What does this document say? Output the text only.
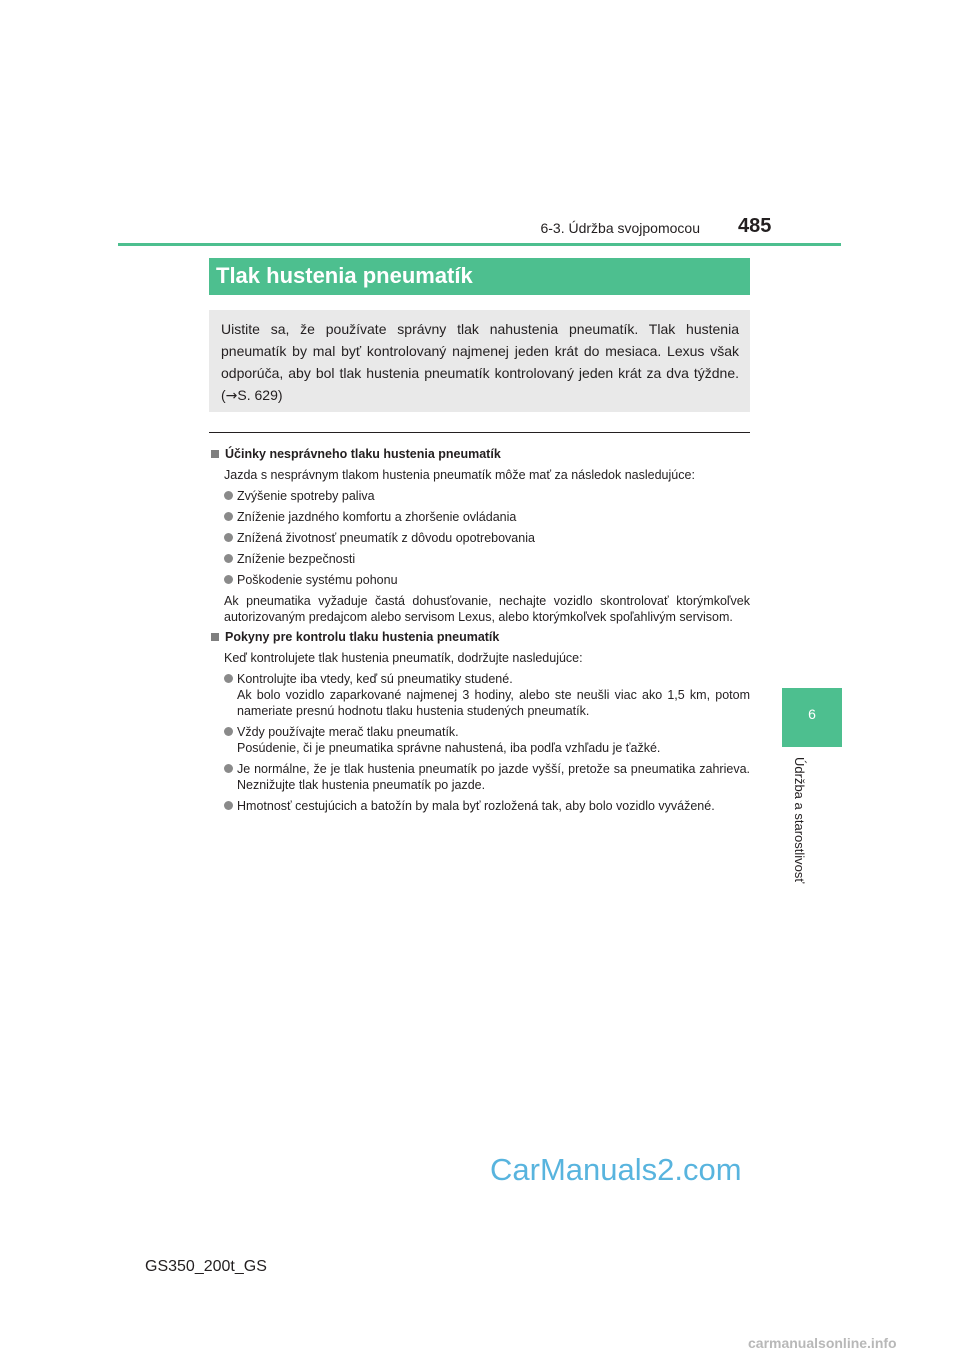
6-3. Údržba svojpomocou 485
6
Údržba a starostlivosť
Tlak hustenia pneumatík
Uistite sa, že používate správny tlak nahustenia pneumatík. Tlak hustenia pneumatík by mal byť kontrolovaný najmenej jeden krát do mesiaca. Lexus však odporúča, aby bol tlak hustenia pneumatík kontrolovaný jeden krát za dva týždne. (→S. 629)
Účinky nesprávneho tlaku hustenia pneumatík
Jazda s nesprávnym tlakom hustenia pneumatík môže mať za následok nasledujúce:
Zvýšenie spotreby paliva
Zníženie jazdného komfortu a zhoršenie ovládania
Znížená životnosť pneumatík z dôvodu opotrebovania
Zníženie bezpečnosti
Poškodenie systému pohonu
Ak pneumatika vyžaduje častá dohusťovanie, nechajte vozidlo skontrolovať ktorýmkoľvek autorizovaným predajcom alebo servisom Lexus, alebo ktorýmkoľvek spoľahlivým servisom.
Pokyny pre kontrolu tlaku hustenia pneumatík
Keď kontrolujete tlak hustenia pneumatík, dodržujte nasledujúce:
Kontrolujte iba vtedy, keď sú pneumatiky studené.
Ak bolo vozidlo zaparkované najmenej 3 hodiny, alebo ste neušli viac ako 1,5 km, potom nameriate presnú hodnotu tlaku hustenia studených pneumatík.
Vždy používajte merač tlaku pneumatík.
Posúdenie, či je pneumatika správne nahustená, iba podľa vzhľadu je ťažké.
Je normálne, že je tlak hustenia pneumatík po jazde vyšší, pretože sa pneumatika zahrieva. Neznižujte tlak hustenia pneumatík po jazde.
Hmotnosť cestujúcich a batožín by mala byť rozložená tak, aby bolo vozidlo vyvážené.
CarManuals2.com
GS350_200t_GS
carmanualsonline.info
